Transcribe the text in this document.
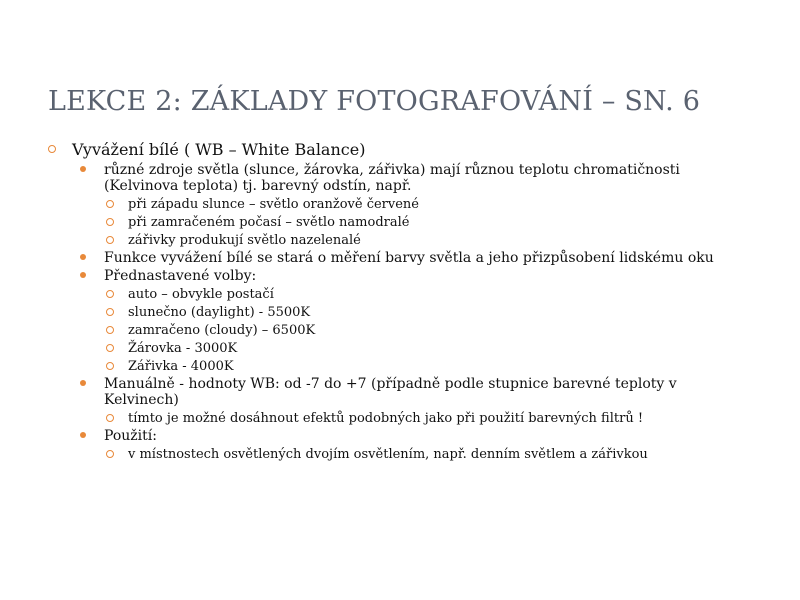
LEKCE 2: ZÁKLADY FOTOGRAFOVÁNÍ – SN. 6
Vyvážení bílé ( WB – White Balance)
různé zdroje světla (slunce, žárovka, zářivka) mají různou teplotu chromatičnosti (Kelvinova teplota) tj. barevný odstín, např.
při západu slunce – světlo oranžově červené
při zamračeném počasí – světlo namodralé
zářivky produkují světlo nazelenalé
Funkce vyvážení bílé se stará o měření barvy světla a jeho přizpůsobení lidskému oku
Přednastavené volby:
auto – obvykle postačí
slunečno (daylight) - 5500K
zamračeno (cloudy) – 6500K
Žárovka - 3000K
Zářivka - 4000K
Manuálně - hodnoty WB: od -7 do +7 (případně podle stupnice barevné teploty v Kelvinech)
tímto je možné dosáhnout efektů podobných jako při použití barevných filtrů !
Použití:
v místnostech osvětlených dvojím osvětlením, např. denním světlem a zářivkou
